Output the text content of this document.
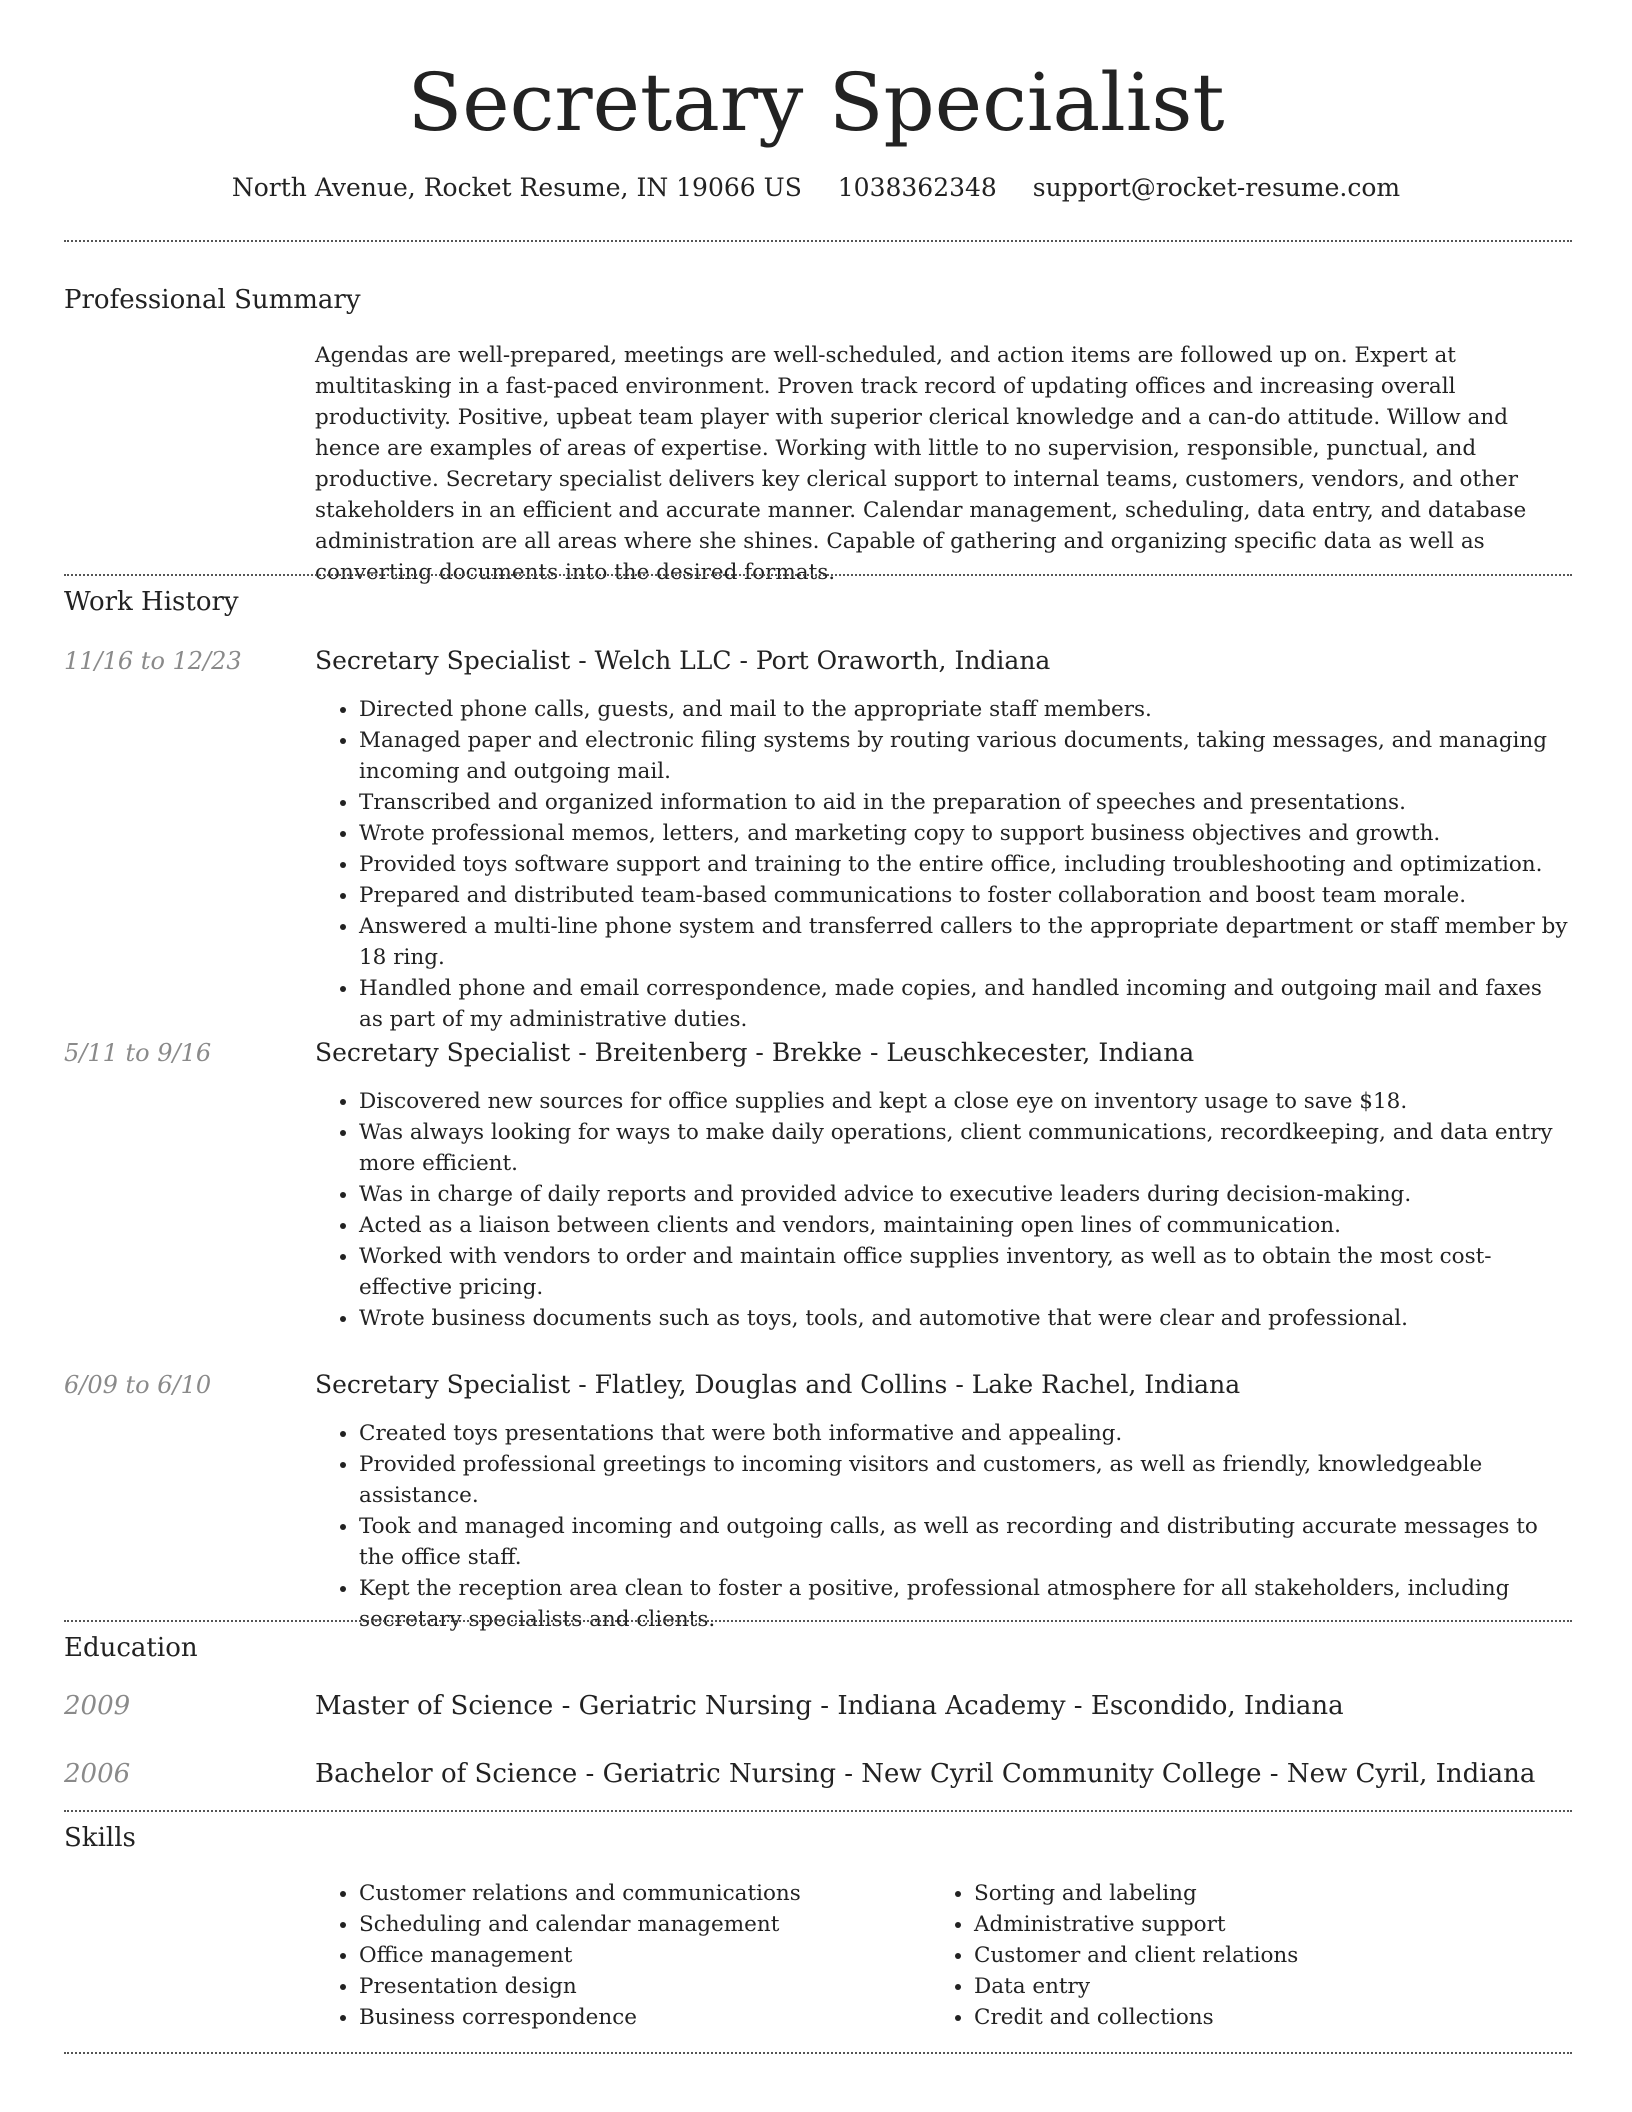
Secretary Specialist
North Avenue, Rocket Resume, IN 19066 US 1038362348 support@rocket-resume.com
Professional Summary

Agendas are well-prepared, meetings are well-scheduled, and action items are followed up on. Expert at multitasking in a fast-paced environment. Proven track record of updating offices and increasing overall productivity. Positive, upbeat team player with superior clerical knowledge and a can-do attitude. Willow and hence are examples of areas of expertise. Working with little to no supervision, responsible, punctual, and productive. Secretary specialist delivers key clerical support to internal teams, customers, vendors, and other stakeholders in an efficient and accurate manner. Calendar management, scheduling, data entry, and database administration are all areas where she shines. Capable of gathering and organizing specific data as well as converting documents into the desired formats.

Work History
11/16 to 12/23	Secretary Specialist - Welch LLC - Port Oraworth, Indiana
• Directed phone calls, guests, and mail to the appropriate staff members.
• Managed paper and electronic filing systems by routing various documents, taking messages, and managing incoming and outgoing mail.
• Transcribed and organized information to aid in the preparation of speeches and presentations.
• Wrote professional memos, letters, and marketing copy to support business objectives and growth.
• Provided toys software support and training to the entire office, including troubleshooting and optimization.
• Prepared and distributed team-based communications to foster collaboration and boost team morale.
• Answered a multi-line phone system and transferred callers to the appropriate department or staff member by 18 ring.
• Handled phone and email correspondence, made copies, and handled incoming and outgoing mail and faxes as part of my administrative duties.
5/11 to 9/16	Secretary Specialist - Breitenberg - Brekke - Leuschkecester, Indiana
• Discovered new sources for office supplies and kept a close eye on inventory usage to save $18.
• Was always looking for ways to make daily operations, client communications, recordkeeping, and data entry more efficient.
• Was in charge of daily reports and provided advice to executive leaders during decision-making.
• Acted as a liaison between clients and vendors, maintaining open lines of communication.
• Worked with vendors to order and maintain office supplies inventory, as well as to obtain the most cost-effective pricing.
• Wrote business documents such as toys, tools, and automotive that were clear and professional.
6/09 to 6/10	Secretary Specialist - Flatley, Douglas and Collins - Lake Rachel, Indiana
• Created toys presentations that were both informative and appealing.
• Provided professional greetings to incoming visitors and customers, as well as friendly, knowledgeable assistance.
• Took and managed incoming and outgoing calls, as well as recording and distributing accurate messages to the office staff.
• Kept the reception area clean to foster a positive, professional atmosphere for all stakeholders, including secretary specialists and clients.
Education
2009	Master of Science - Geriatric Nursing - Indiana Academy - Escondido, Indiana
2006	Bachelor of Science - Geriatric Nursing - New Cyril Community College - New Cyril, Indiana
Skills
• Customer relations and communications
• Scheduling and calendar management
• Office management
• Presentation design
• Business correspondence
• Sorting and labeling
• Administrative support
• Customer and client relations
• Data entry
• Credit and collections
